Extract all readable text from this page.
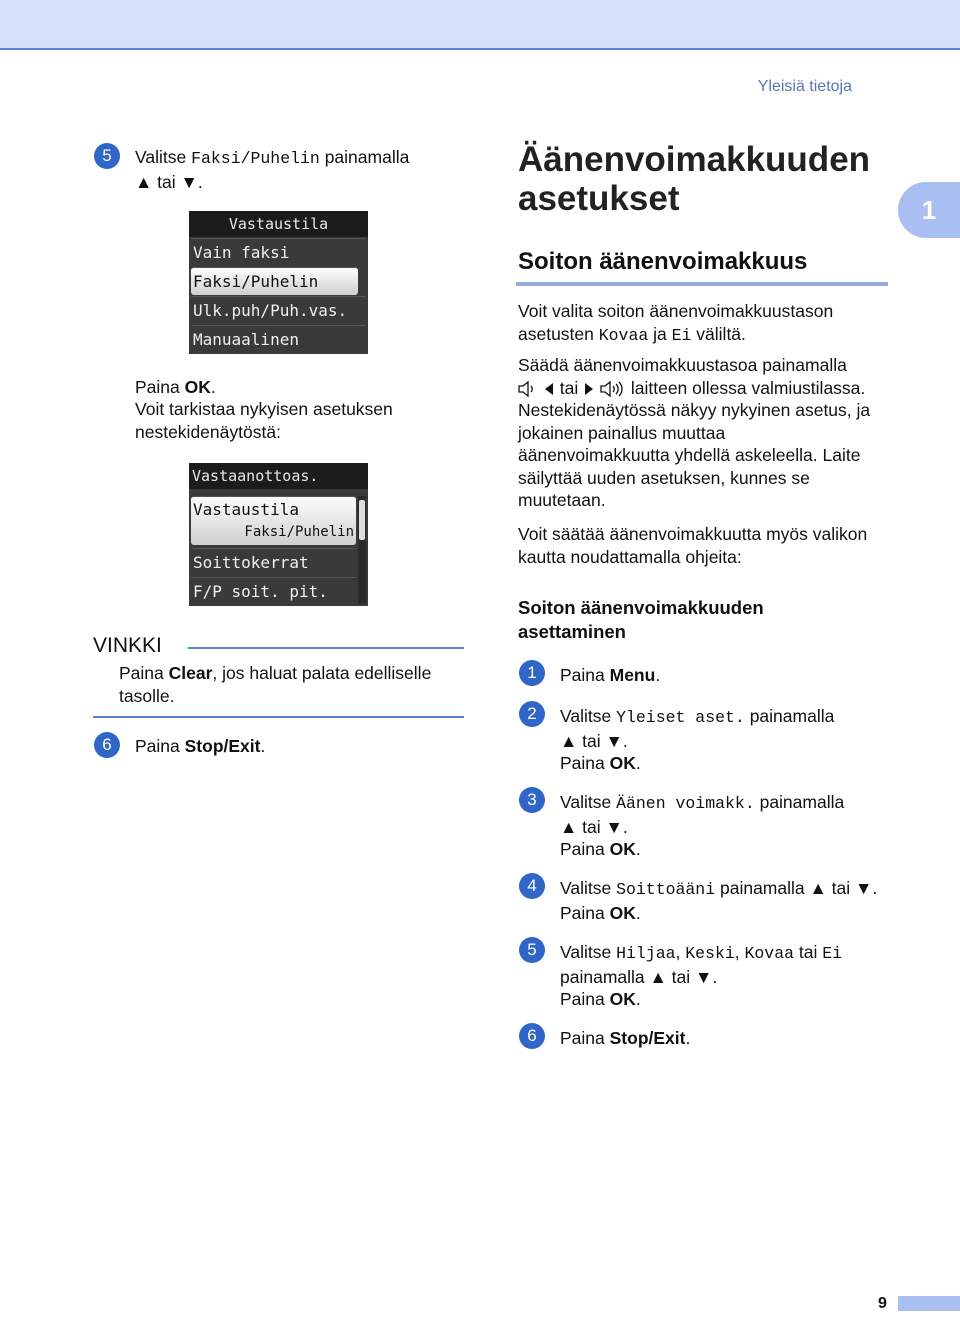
Yleisiä tietoja
1
5	Valitse Faksi/Puhelin painamalla
▲ tai ▼.
Vastaustila
Vain faksi
Faksi/Puhelin
Ulk.puh/Puh.vas.
Manuaalinen
Paina OK.
Voit tarkistaa nykyisen asetuksen nestekidenäytöstä:
Vastaanottoas.
Vastaustila
Faksi/Puhelin
Soittokerrat
F/P soit. pit.
VINKKI
Paina Clear, jos haluat palata edelliselle tasolle.
6	Paina Stop/Exit.
Äänenvoimakkuuden
asetukset
Soiton äänenvoimakkuus
Voit valita soiton äänenvoimakkuustason
asetusten Kovaa ja Ei väliltä.
Säädä äänenvoimakkuustasoa painamalla
tai	laitteen ollessa valmiustilassa.
Nestekidenäytössä näkyy nykyinen asetus, ja
jokainen painallus muuttaa
äänenvoimakkuutta yhdellä askeleella. Laite
säilyttää uuden asetuksen, kunnes se
muutetaan.
Voit säätää äänenvoimakkuutta myös valikon
kautta noudattamalla ohjeita:
Soiton äänenvoimakkuuden
asettaminen
1	Paina Menu.
2	Valitse Yleiset aset. painamalla
▲ tai ▼.
Paina OK.
3	Valitse Äänen voimakk. painamalla
▲ tai ▼.
Paina OK.
4	Valitse Soittoääni painamalla ▲ tai ▼.
Paina OK.
5	Valitse Hiljaa, Keski, Kovaa tai Ei
painamalla ▲ tai ▼.
Paina OK.
6	Paina Stop/Exit.
9
